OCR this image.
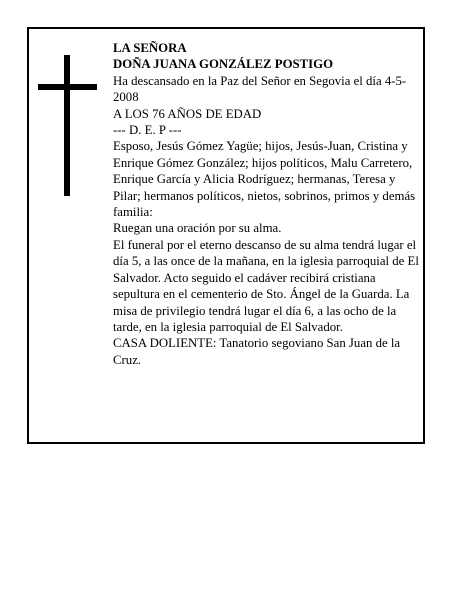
LA SEÑORA

DOÑA JUANA GONZÁLEZ POSTIGO

Ha descansado en la Paz del Señor en Segovia el día 4-5-2008

A LOS 76 AÑOS DE EDAD

--- D. E. P ---

Esposo, Jesús Gómez Yagüe; hijos, Jesús-Juan, Cristina y Enrique Gómez González; hijos políticos, Malu Carretero, Enrique García y Alicia Rodríguez; hermanas, Teresa y Pilar; hermanos políticos, nietos, sobrinos, primos y demás familia:

Ruegan una oración por su alma.

El funeral por el eterno descanso de su alma tendrá lugar el día 5, a las once de la mañana, en la iglesia parroquial de El Salvador. Acto seguido el cadáver recibirá cristiana sepultura en el cementerio de Sto. Ángel de la Guarda. La misa de privilegio tendrá lugar el día 6, a las ocho de la tarde, en la iglesia parroquial de El Salvador.

CASA DOLIENTE: Tanatorio segoviano San Juan de la Cruz.
